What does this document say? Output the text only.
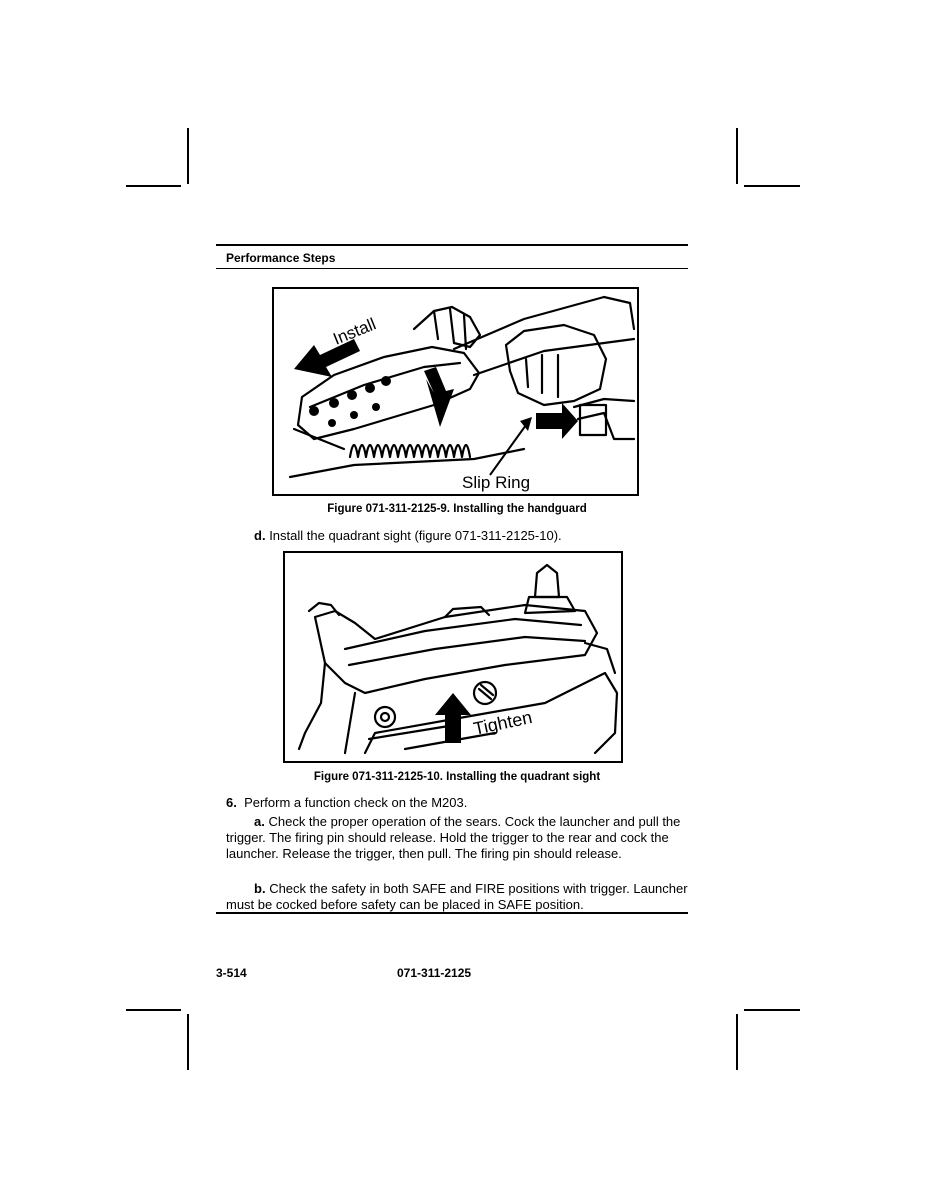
Performance Steps
Install
Slip Ring
Figure 071-311-2125-9. Installing the handguard
d. Install the quadrant sight (figure 071-311-2125-10).
Tighten
Figure 071-311-2125-10. Installing the quadrant sight
6. Perform a function check on the M203.
a. Check the proper operation of the sears. Cock the launcher and pull the trigger. The firing pin should release. Hold the trigger to the rear and cock the launcher. Release the trigger, then pull. The firing pin should release.
b. Check the safety in both SAFE and FIRE positions with trigger. Launcher must be cocked before safety can be placed in SAFE position.
3-514	071-311-2125
